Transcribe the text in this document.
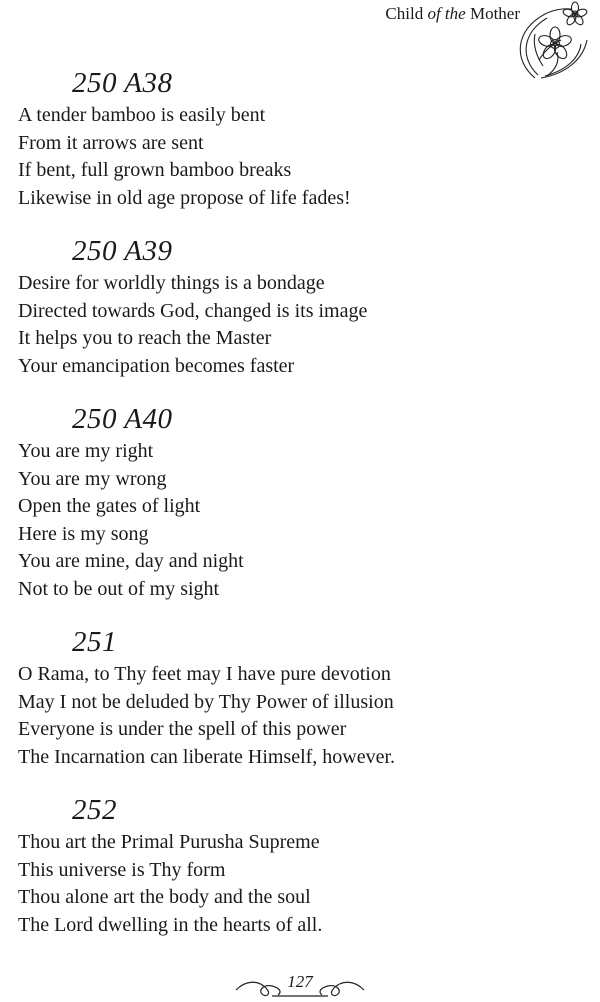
Child of the Mother
250 A38
A tender bamboo is easily bent
From it arrows are sent
If bent, full grown bamboo breaks
Likewise in old age propose of life fades!
250 A39
Desire for worldly things is a bondage
Directed towards God, changed is its image
It helps you to reach the Master
Your emancipation becomes faster
250 A40
You are my right
You are my wrong
Open the gates of light
Here is my song
You are mine, day and night
Not to be out of my sight
251
O Rama, to Thy feet may I have pure devotion
May I not be deluded by Thy Power of illusion
Everyone is under the spell of this power
The Incarnation can liberate Himself, however.
252
Thou art the Primal Purusha Supreme
This universe is Thy form
Thou alone art the body and the soul
The Lord dwelling in the hearts of all.
127
